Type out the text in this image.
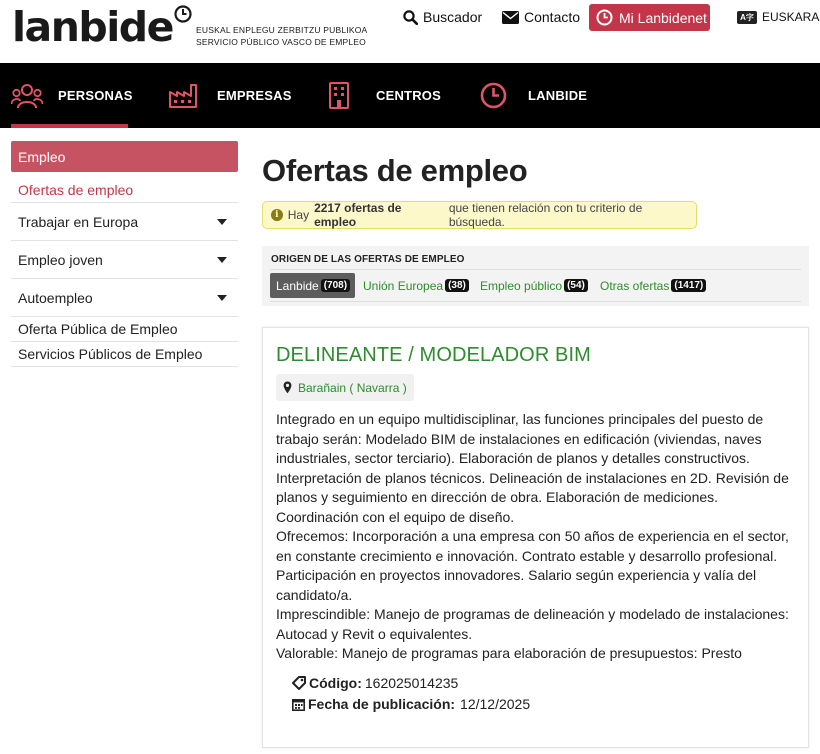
lanbide	EUSKAL ENPLEGU ZERBITZU PUBLIKOA
SERVICIO PÚBLICO VASCO DE EMPLEO
Buscador	Contacto	Mi Lanbidenet	A字 EUSKARA
PERSONAS	EMPRESAS	CENTROS	LANBIDE
Empleo
Ofertas de empleo
Trabajar en Europa
Empleo joven
Autoempleo
Oferta Pública de Empleo
Servicios Públicos de Empleo
Ofertas de empleo
i Hay 2217 ofertas de empleo
que tienen relación con tu criterio de búsqueda.
ORIGEN DE LAS OFERTAS DE EMPLEO
Lanbide (708) Unión Europea (38) Empleo público (54) Otras ofertas (1417)
DELINEANTE / MODELADOR BIM
Barañain ( Navarra )

Integrado en un equipo multidisciplinar, las funciones principales del puesto de trabajo serán: Modelado BIM de instalaciones en edificación (viviendas, naves industriales, sector terciario). Elaboración de planos y detalles constructivos. Interpretación de planos técnicos. Delineación de instalaciones en 2D. Revisión de planos y seguimiento en dirección de obra. Elaboración de mediciones. Coordinación con el equipo de diseño.

Ofrecemos: Incorporación a una empresa con 50 años de experiencia en el sector, en constante crecimiento e innovación. Contrato estable y desarrollo profesional. Participación en proyectos innovadores. Salario según experiencia y valía del candidato/a.

Imprescindible: Manejo de programas de delineación y modelado de instalaciones: Autocad y Revit o equivalentes.

Valorable: Manejo de programas para elaboración de presupuestos: Presto

Código: 162025014235
Fecha de publicación: 12/12/2025
